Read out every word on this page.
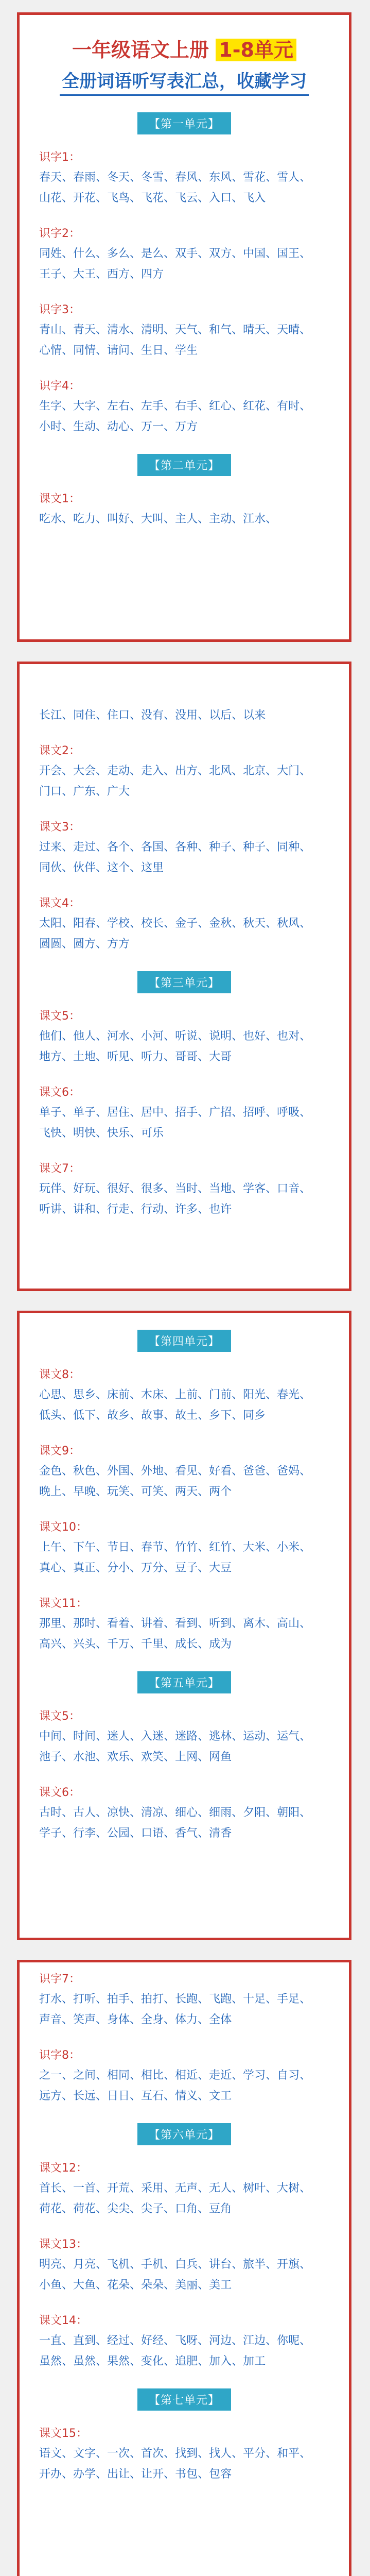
一年级语文上册 1-8单元
全册词语听写表汇总，收藏学习
【第一单元】
识字1：
春天、春雨、冬天、冬雪、春风、东风、雪花、雪人、山花、开花、飞鸟、飞花、飞云、入口、飞入
识字2：
同姓、什么、多么、是么、双手、双方、中国、国王、王子、大王、西方、四方
识字3：
青山、青天、清水、清明、天气、和气、晴天、天晴、心情、同情、请问、生日、学生
识字4：
生字、大字、左右、左手、右手、红心、红花、有时、小时、生动、动心、万一、万方
【第二单元】
课文1：
吃水、吃力、叫好、大叫、主人、主动、江水、
长江、同住、住口、没有、没用、以后、以来
课文2：
开会、大会、走动、走入、出方、北风、北京、大门、门口、广东、广大
课文3：
过来、走过、各个、各国、各种、种子、种子、同种、同伙、伙伴、这个、这里
课文4：
太阳、阳春、学校、校长、金子、金秋、秋天、秋风、圆圆、圆方、方方
【第三单元】
课文5：
他们、他人、河水、小河、听说、说明、也好、也对、地方、土地、听见、听力、哥哥、大哥
课文6：
单子、单子、居住、居中、招手、广招、招呼、呼吸、飞快、明快、快乐、可乐
课文7：
玩伴、好玩、很好、很多、当时、当地、学客、口音、听讲、讲和、行走、行动、许多、也许
【第四单元】
课文8：
心思、思乡、床前、木床、上前、门前、阳光、春光、低头、低下、故乡、故事、故土、乡下、同乡
课文9：
金色、秋色、外国、外地、看见、好看、爸爸、爸妈、晚上、早晚、玩笑、可笑、两天、两个
课文10：
上午、下午、节日、春节、竹竹、红竹、大米、小米、真心、真正、分小、万分、豆子、大豆
课文11：
那里、那时、看着、讲着、看到、听到、离木、高山、高兴、兴头、千万、千里、成长、成为
【第五单元】
课文5：
中间、时间、迷人、入迷、迷路、逃林、运动、运气、池子、水池、欢乐、欢笑、上网、网鱼
课文6：
古时、古人、凉快、清凉、细心、细雨、夕阳、朝阳、学子、行李、公园、口语、香气、清香
识字7：
打水、打听、拍手、拍打、长跑、飞跑、十足、手足、声音、笑声、身体、全身、体力、全体
识字8：
之一、之间、相同、相比、相近、走近、学习、自习、远方、长远、日日、互石、情义、文工
【第六单元】
课文12：
首长、一首、开荒、采用、无声、无人、树叶、大树、荷花、荷花、尖尖、尖子、口角、豆角
课文13：
明亮、月亮、飞机、手机、白兵、讲台、旅半、开旗、小鱼、大鱼、花朵、朵朵、美丽、美工
课文14：
一直、直到、经过、好经、飞呀、河边、江边、你呢、虽然、虽然、果然、变化、追肥、加入、加工
【第七单元】
课文15：
语文、文字、一次、首次、找到、找人、平分、和平、开办、办学、出让、让开、书包、包容
